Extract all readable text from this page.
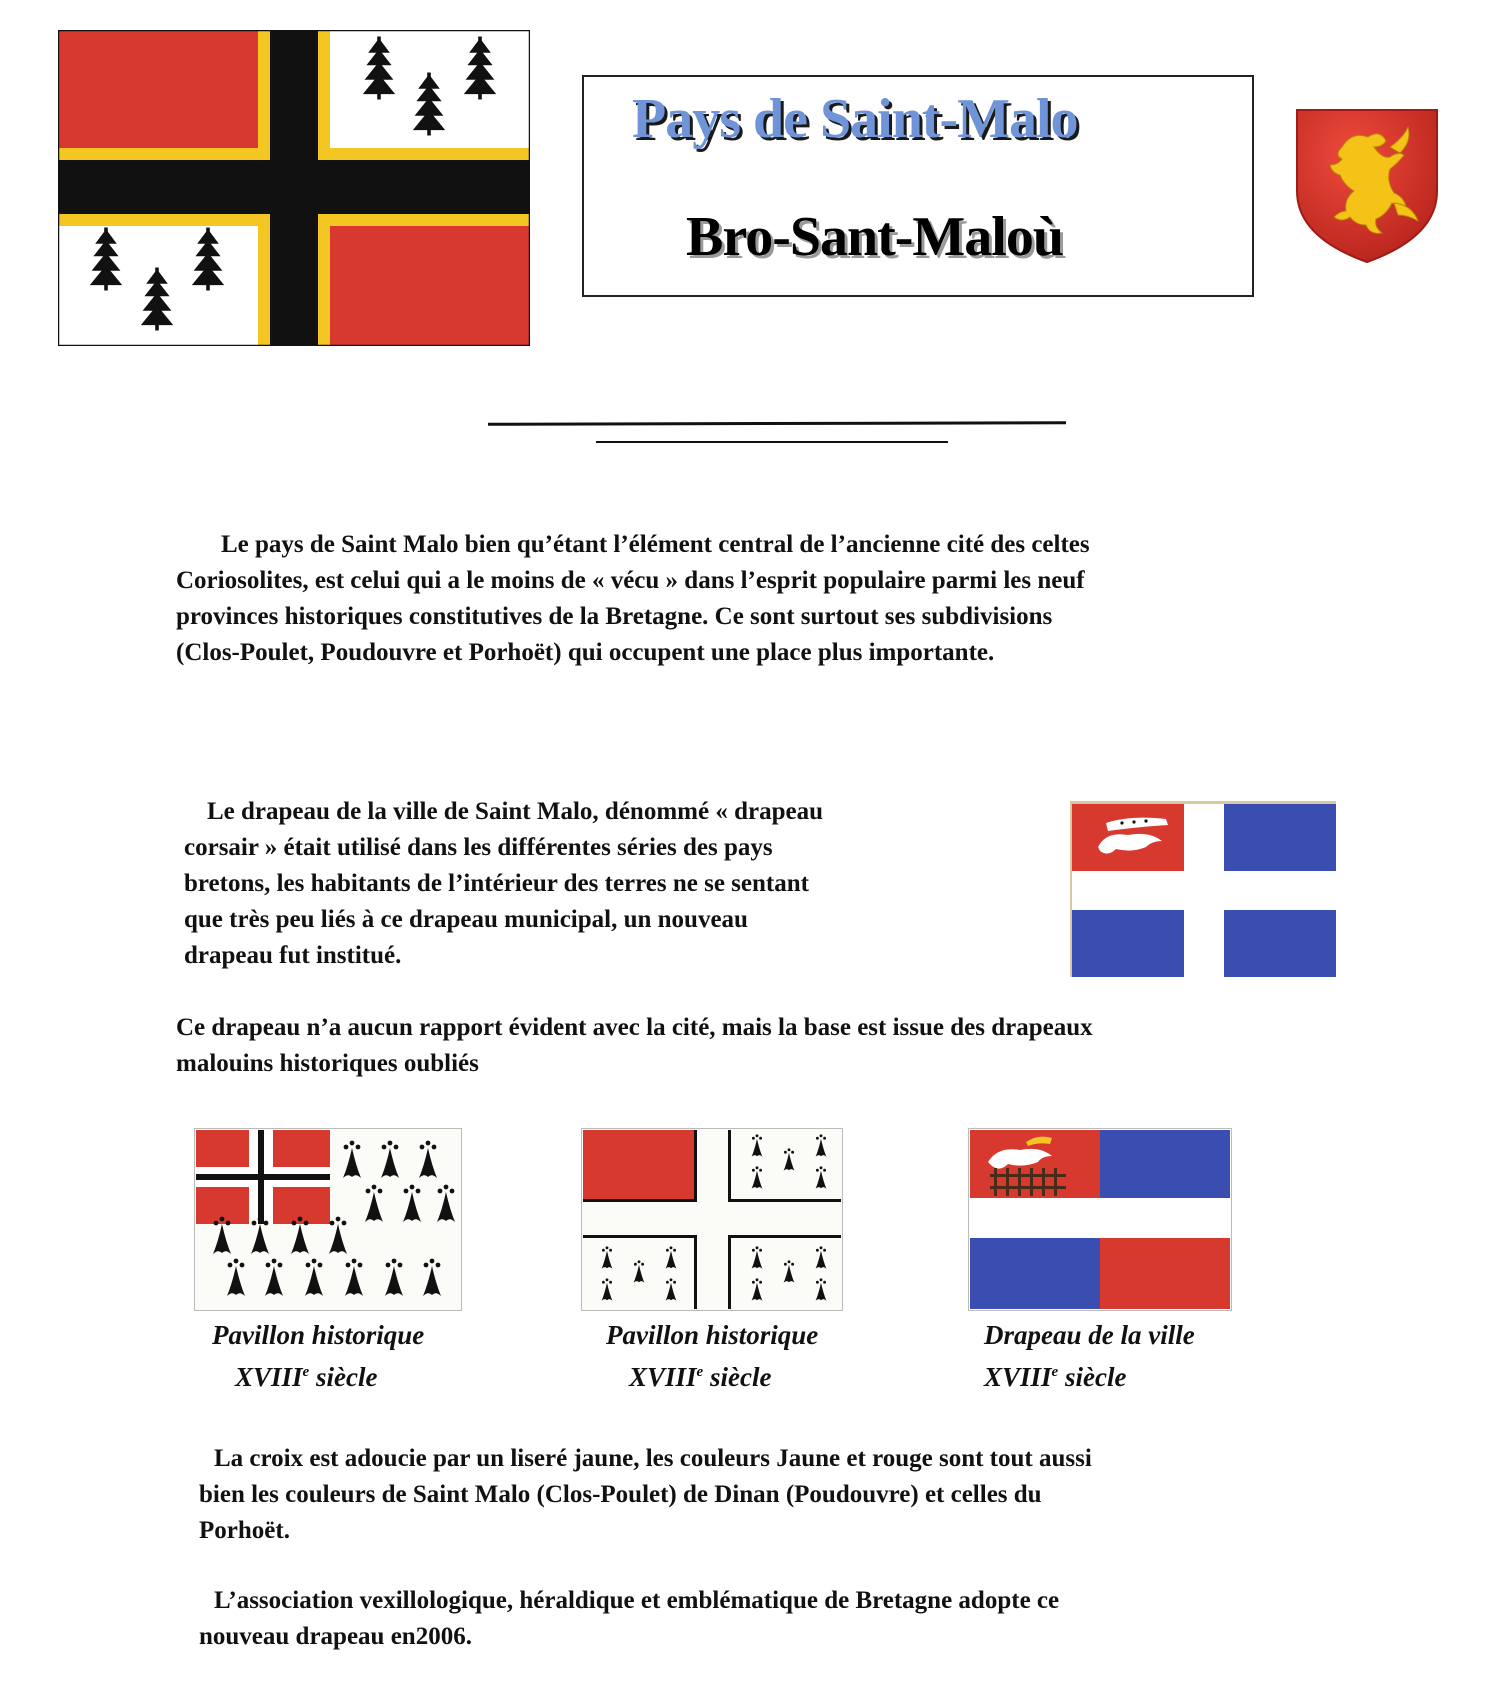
Pays de Saint-Malo
Bro-Sant-Maloù
Le pays de Saint Malo bien qu’étant l’élément central de l’ancienne cité des celtes
Coriosolites, est celui qui a le moins de « vécu » dans l’esprit populaire parmi les neuf
provinces historiques constitutives de la Bretagne. Ce sont surtout ses subdivisions
(Clos-Poulet, Poudouvre et Porhoët) qui occupent une place plus importante.
Le drapeau de la ville de Saint Malo, dénommé « drapeau
corsair » était utilisé dans les différentes séries des pays
bretons, les habitants de l’intérieur des terres ne se sentant
que très peu liés à ce drapeau municipal, un nouveau
drapeau fut institué.
Ce drapeau n’a aucun rapport évident avec la cité, mais la base est issue des drapeaux
malouins historiques oubliés
Pavillon historique
XVIIIe siècle
Pavillon historique
XVIIIe siècle
Drapeau de la ville
XVIIIe siècle
La croix est adoucie par un liseré jaune, les couleurs Jaune et rouge sont tout aussi
bien les couleurs de Saint Malo (Clos-Poulet) de Dinan (Poudouvre) et celles du
Porhoët.
L’association vexillologique, héraldique et emblématique de Bretagne adopte ce
nouveau drapeau en2006.
